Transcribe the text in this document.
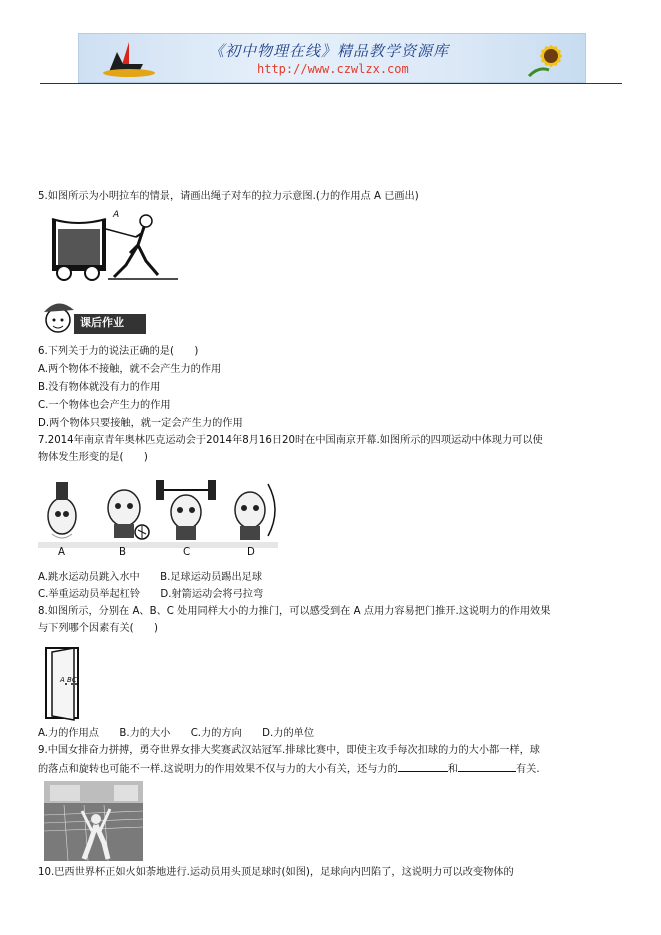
《初中物理在线》精品教学资源库
http://www.czwlzx.com
5.如图所示为小明拉车的情景，请画出绳子对车的拉力示意图.(力的作用点 A 已画出)
A
课后作业
6.下列关于力的说法正确的是(　　)
A.两个物体不接触，就不会产生力的作用
B.没有物体就没有力的作用
C.一个物体也会产生力的作用
D.两个物体只要接触，就一定会产生力的作用
7.2014年南京青年奥林匹克运动会于2014年8月16日20时在中国南京开幕.如图所示的四项运动中体现力可以使
物体发生形变的是(　　)
A	B	C	D
A.跳水运动员跳入水中　　B.足球运动员踢出足球
C.举重运动员举起杠铃　　D.射箭运动会将弓拉弯
8.如图所示，分别在 A、B、C 处用同样大小的力推门，可以感受到在 A 点用力容易把门推开.这说明力的作用效果
与下列哪个因素有关(　　)
A BC
A.力的作用点　　B.力的大小　　C.力的方向　　D.力的单位
9.中国女排奋力拼搏，勇夺世界女排大奖赛武汉站冠军.排球比赛中，即使主攻手每次扣球的力的大小都一样，球
的落点和旋转也可能不一样.这说明力的作用效果不仅与力的大小有关，还与力的	和	有关.
10.巴西世界杯正如火如荼地进行.运动员用头顶足球时(如图)，足球向内凹陷了，这说明力可以改变物体的
